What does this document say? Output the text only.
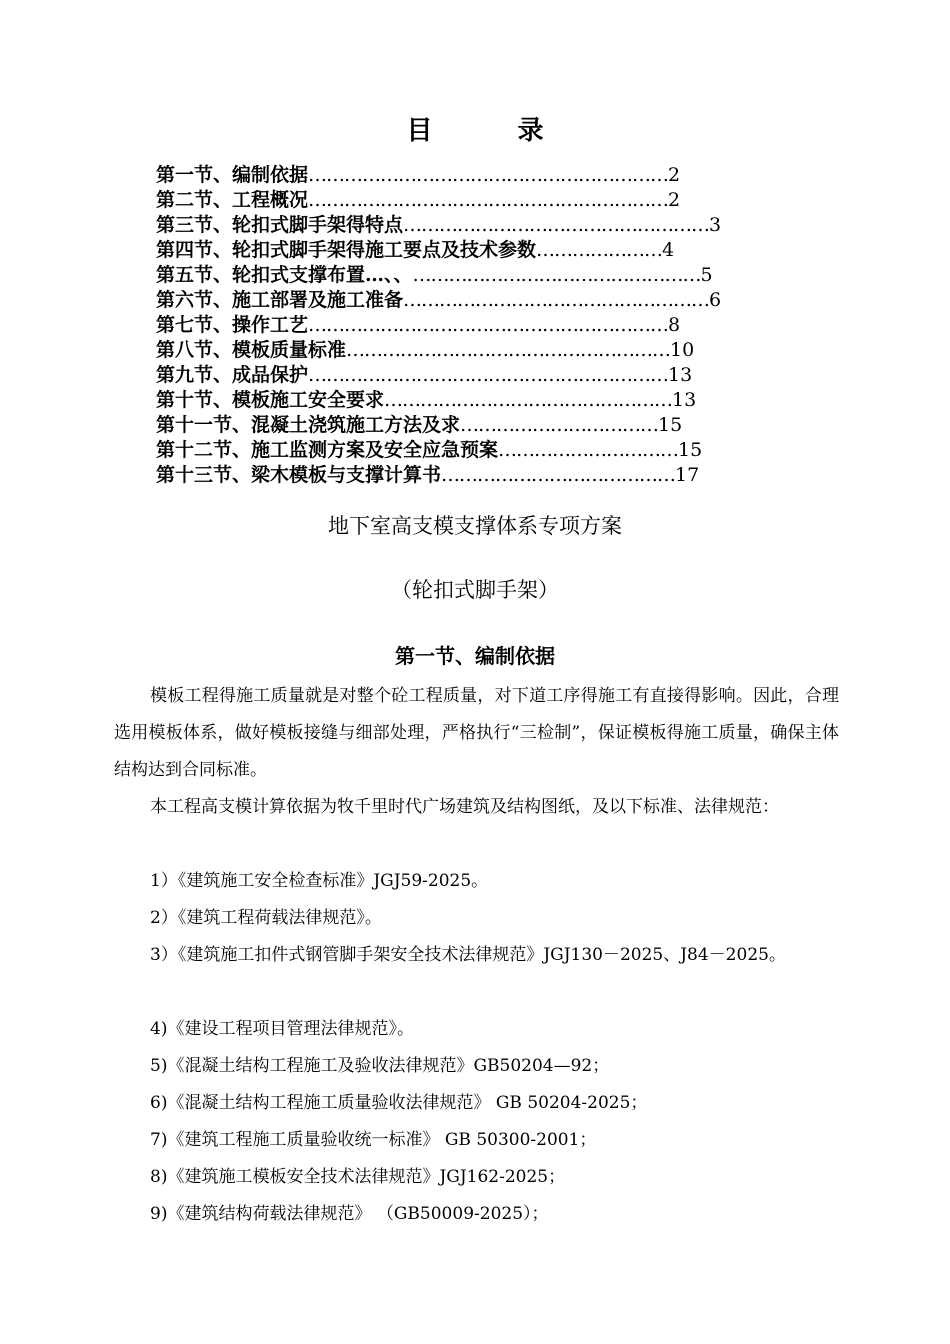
目 录
第一节、编制依据……………………………………………………2
第二节、工程概况……………………………………………………2
第三节、轮扣式脚手架得特点……………………………………………3
第四节、轮扣式脚手架得施工要点及技术参数…………………4
第五节、轮扣式支撑布置…、、…………………………………………5
第六节、施工部署及施工准备……………………………………………6
第七节、操作工艺……………………………………………………8
第八节、模板质量标准………………………………………………10
第九节、成品保护……………………………………………………13
第十节、模板施工安全要求…………………………………………13
第十一节、混凝土浇筑施工方法及求……………………………15
第十二节、施工监测方案及安全应急预案…………………………15
第十三节、梁木模板与支撑计算书…………………………………17
地下室高支模支撑体系专项方案
（轮扣式脚手架）
第一节、编制依据
模板工程得施工质量就是对整个砼工程质量，对下道工序得施工有直接得影响。因此，合理选用模板体系，做好模板接缝与细部处理，严格执行“三检制”，保证模板得施工质量，确保主体结构达到合同标准。
本工程高支模计算依据为牧千里时代广场建筑及结构图纸，及以下标准、法律规范：
1）《建筑施工安全检查标准》JGJ59-2025。
2）《建筑工程荷载法律规范》。
3）《建筑施工扣件式钢管脚手架安全技术法律规范》JGJ130－2025、J84－2025。
4)《建设工程项目管理法律规范》。
5)《混凝土结构工程施工及验收法律规范》GB50204—92；
6)《混凝土结构工程施工质量验收法律规范》 GB 50204-2025；
7)《建筑工程施工质量验收统一标准》 GB 50300-2001；
8)《建筑施工模板安全技术法律规范》JGJ162-2025；
9)《建筑结构荷载法律规范》 （GB50009-2025）；
